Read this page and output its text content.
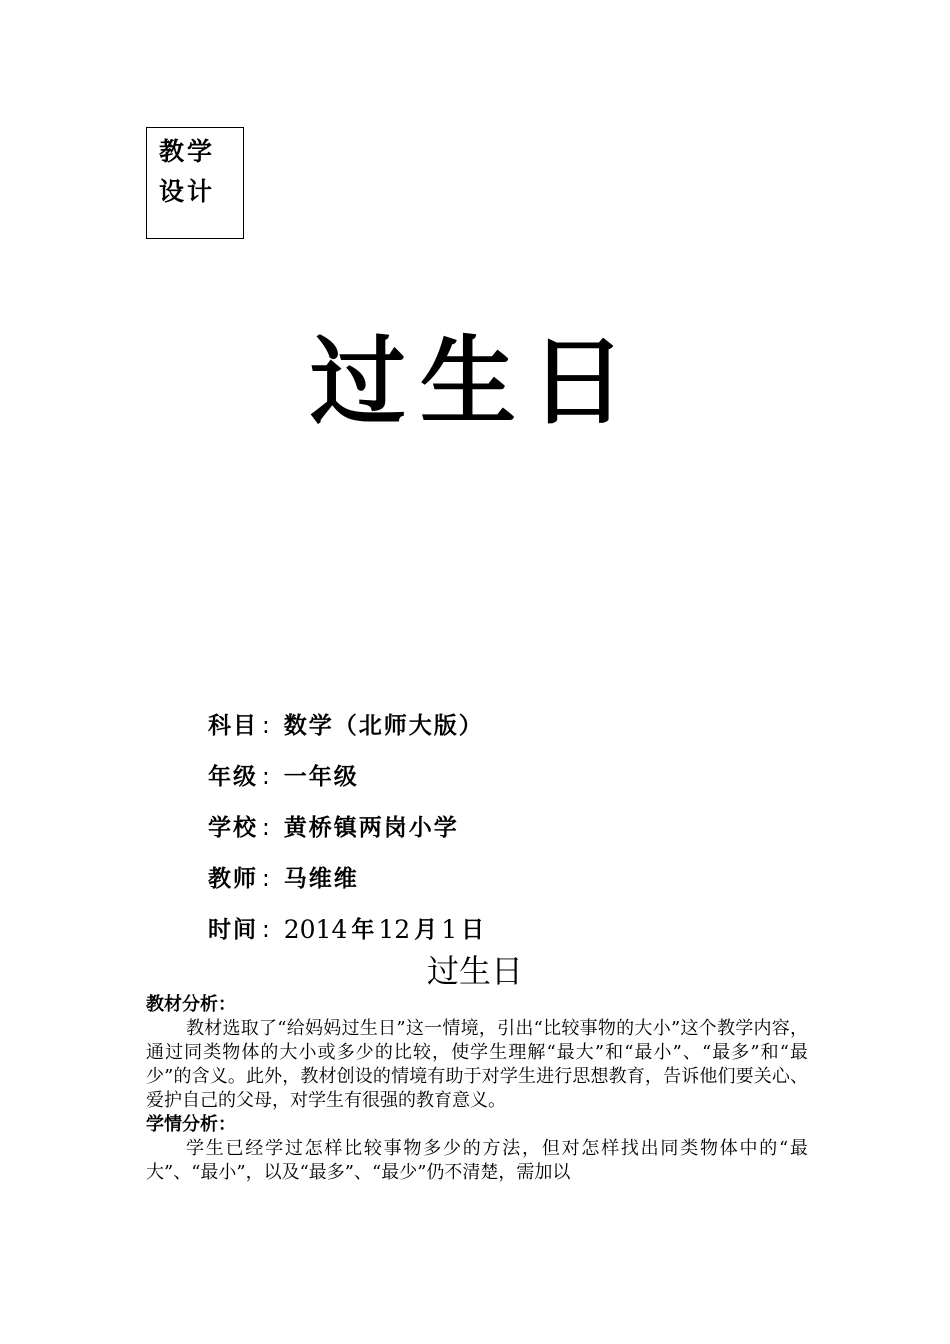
教学
设计
过生日
科目 : 数学（北师大版）
年级 : 一年级
学校 : 黄桥镇两岗小学
教师 : 马维维
时间 : 2014 年 12 月 1 日
过生日

教材分析：

教材选取了“给妈妈过生日”这一情境，引出“比较事物的大小”这个教学内容，通过同类物体的大小或多少的比较，使学生理解“最大”和“最小”、“最多”和“最少”的含义。此外，教材创设的情境有助于对学生进行思想教育，告诉他们要关心、爱护自己的父母，对学生有很强的教育意义。

学情分析：

学生已经学过怎样比较事物多少的方法，但对怎样找出同类物体中的“最大”、“最小”，以及“最多”、“最少”仍不清楚，需加以
